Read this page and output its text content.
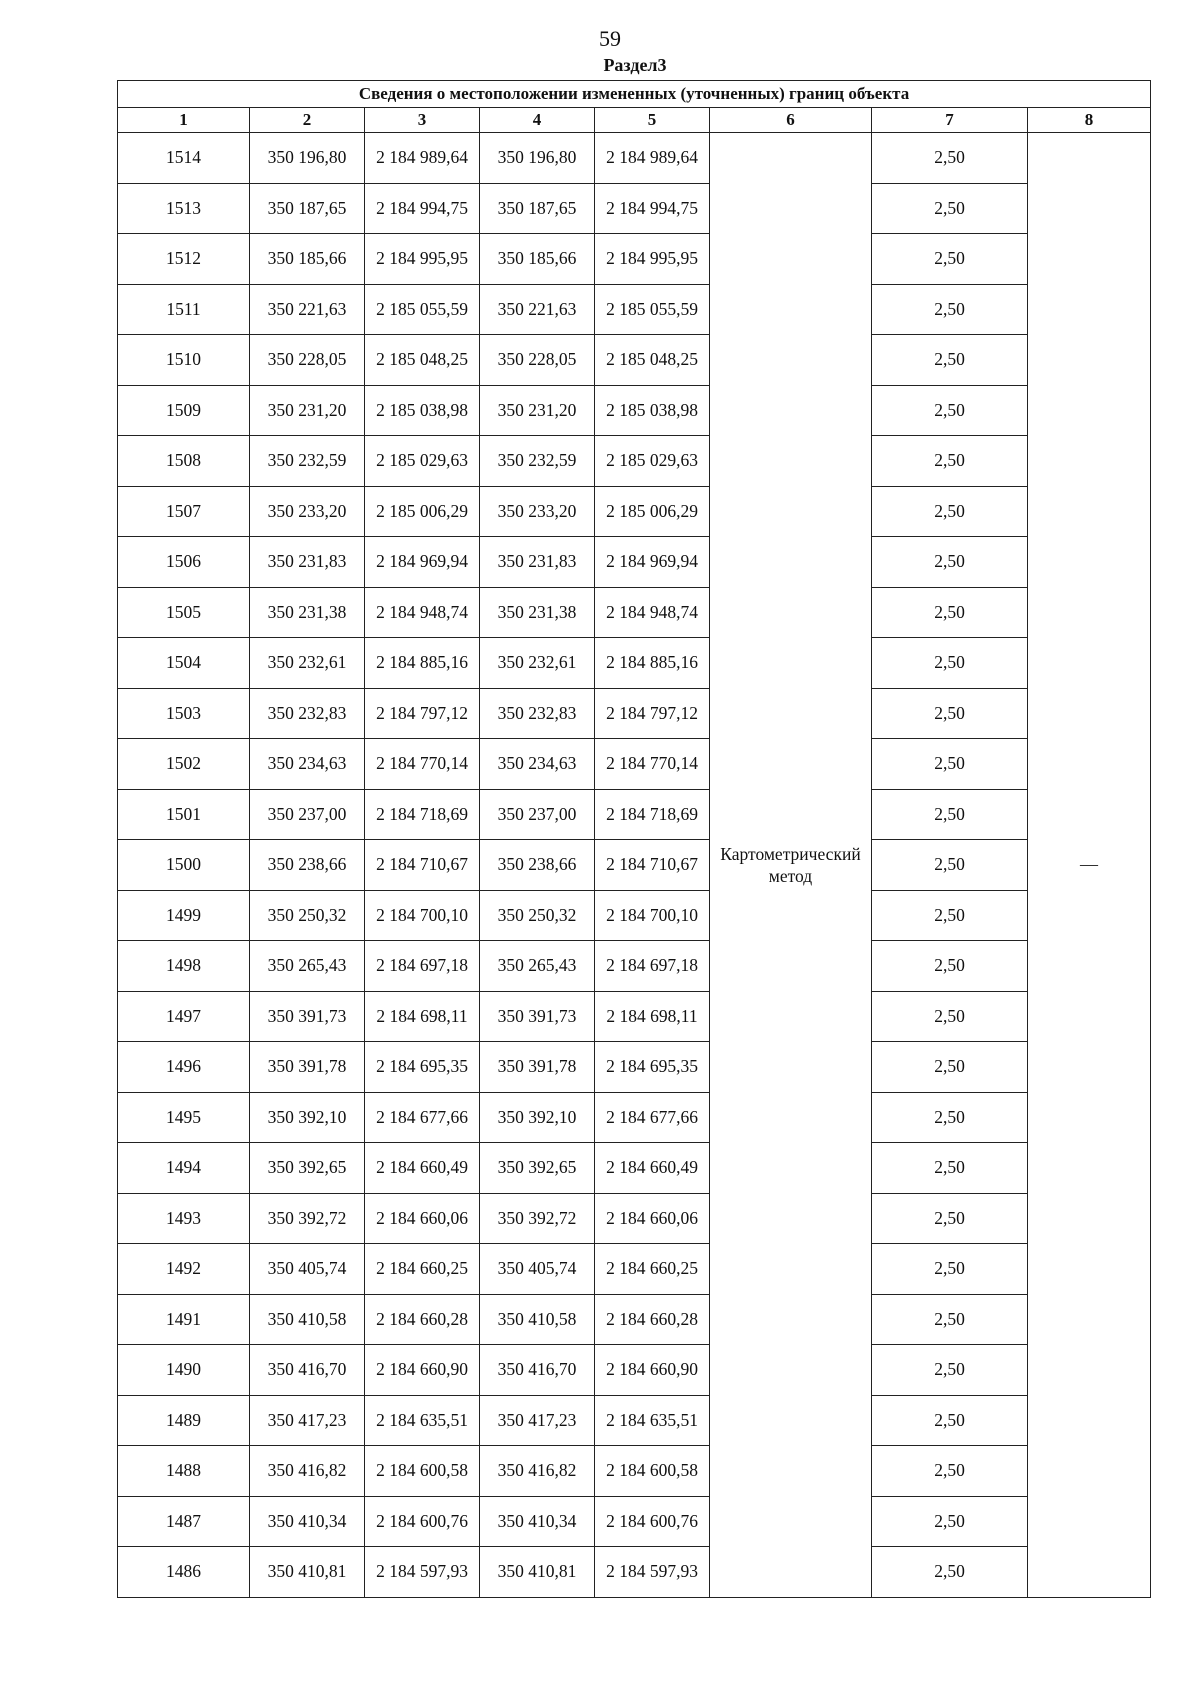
59
Раздел3
Сведения о местоположении измененных (уточненных) границ объекта							
1	2	3	4	5	6	7	8
1514	350 196,80	2 184 989,64	350 196,80	2 184 989,64	Картометрический метод	2,50	—
1513	350 187,65	2 184 994,75	350 187,65	2 184 994,75		2,50	
1512	350 185,66	2 184 995,95	350 185,66	2 184 995,95		2,50	
1511	350 221,63	2 185 055,59	350 221,63	2 185 055,59		2,50	
1510	350 228,05	2 185 048,25	350 228,05	2 185 048,25		2,50	
1509	350 231,20	2 185 038,98	350 231,20	2 185 038,98		2,50	
1508	350 232,59	2 185 029,63	350 232,59	2 185 029,63		2,50	
1507	350 233,20	2 185 006,29	350 233,20	2 185 006,29		2,50	
1506	350 231,83	2 184 969,94	350 231,83	2 184 969,94		2,50	
1505	350 231,38	2 184 948,74	350 231,38	2 184 948,74		2,50	
1504	350 232,61	2 184 885,16	350 232,61	2 184 885,16		2,50	
1503	350 232,83	2 184 797,12	350 232,83	2 184 797,12		2,50	
1502	350 234,63	2 184 770,14	350 234,63	2 184 770,14		2,50	
1501	350 237,00	2 184 718,69	350 237,00	2 184 718,69		2,50	
1500	350 238,66	2 184 710,67	350 238,66	2 184 710,67		2,50	
1499	350 250,32	2 184 700,10	350 250,32	2 184 700,10		2,50	
1498	350 265,43	2 184 697,18	350 265,43	2 184 697,18		2,50	
1497	350 391,73	2 184 698,11	350 391,73	2 184 698,11		2,50	
1496	350 391,78	2 184 695,35	350 391,78	2 184 695,35		2,50	
1495	350 392,10	2 184 677,66	350 392,10	2 184 677,66		2,50	
1494	350 392,65	2 184 660,49	350 392,65	2 184 660,49		2,50	
1493	350 392,72	2 184 660,06	350 392,72	2 184 660,06		2,50	
1492	350 405,74	2 184 660,25	350 405,74	2 184 660,25		2,50	
1491	350 410,58	2 184 660,28	350 410,58	2 184 660,28		2,50	
1490	350 416,70	2 184 660,90	350 416,70	2 184 660,90		2,50	
1489	350 417,23	2 184 635,51	350 417,23	2 184 635,51		2,50	
1488	350 416,82	2 184 600,58	350 416,82	2 184 600,58		2,50	
1487	350 410,34	2 184 600,76	350 410,34	2 184 600,76		2,50	
1486	350 410,81	2 184 597,93	350 410,81	2 184 597,93		2,50	
